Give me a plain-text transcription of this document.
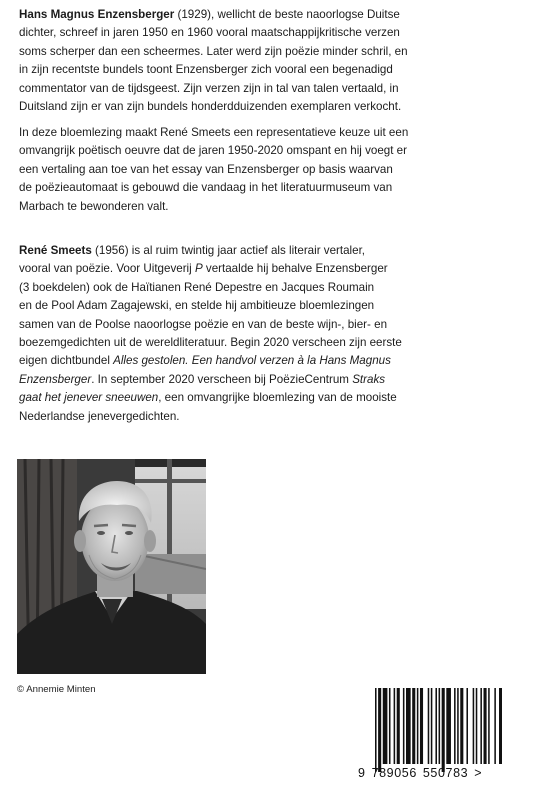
Hans Magnus Enzensberger (1929), wellicht de beste naoorlogse Duitse
dichter, schreef in jaren 1950 en 1960 vooral maatschappijkritische verzen
soms scherper dan een scheermes. Later werd zijn poëzie minder schril, en
in zijn recentste bundels toont Enzensberger zich vooral een begenadigd
commentator van de tijdsgeest. Zijn verzen zijn in tal van talen vertaald, in
Duitsland zijn er van zijn bundels honderdduizenden exemplaren verkocht.

In deze bloemlezing maakt René Smeets een representatieve keuze uit een
omvangrijk poëtisch oeuvre dat de jaren 1950-2020 omspant en hij voegt er
een vertaling aan toe van het essay van Enzensberger op basis waarvan
de poëzieautomaat is gebouwd die vandaag in het literatuurmuseum van
Marbach te bewonderen valt.

René Smeets (1956) is al ruim twintig jaar actief als literair vertaler,
vooral van poëzie. Voor Uitgeverij P vertaalde hij behalve Enzensberger
(3 boekdelen) ook de Haïtianen René Depestre en Jacques Roumain
en de Pool Adam Zagajewski, en stelde hij ambitieuze bloemlezingen
samen van de Poolse naoorlogse poëzie en van de beste wijn-, bier- en
boezemgedichten uit de wereldliteratuur. Begin 2020 verscheen zijn eerste
eigen dichtbundel Alles gestolen. Een handvol verzen à la Hans Magnus
Enzensberger. In september 2020 verscheen bij PoëzieCentrum Straks
gaat het jenever sneeuwen, een omvangrijke bloemlezing van de mooiste
Nederlandse jenevergedichten.

© Annemie Minten
9 789056 550783 >
